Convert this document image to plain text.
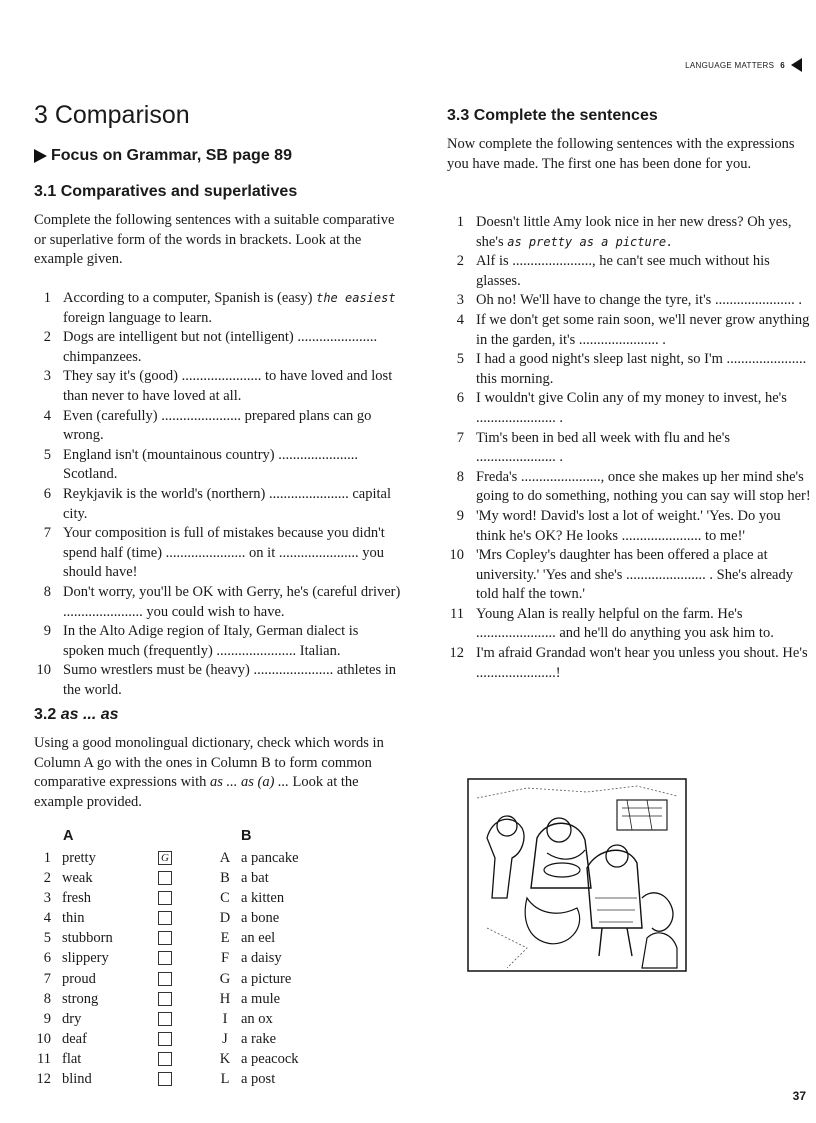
LANGUAGE MATTERS 6
3 Comparison
Focus on Grammar, SB page 89
3.1 Comparatives and superlatives

Complete the following sentences with a suitable comparative or superlative form of the words in brackets. Look at the example given.

1 According to a computer, Spanish is (easy) the easiest foreign language to learn.
2 Dogs are intelligent but not (intelligent) ...................... chimpanzees.
3 They say it's (good) ...................... to have loved and lost than never to have loved at all.
4 Even (carefully) ...................... prepared plans can go wrong.
5 England isn't (mountainous country) ...................... Scotland.
6 Reykjavik is the world's (northern) ...................... capital city.
7 Your composition is full of mistakes because you didn't spend half (time) ...................... on it ...................... you should have!
8 Don't worry, you'll be OK with Gerry, he's (careful driver) ...................... you could wish to have.
9 In the Alto Adige region of Italy, German dialect is spoken much (frequently) ...................... Italian.
10 Sumo wrestlers must be (heavy) ...................... athletes in the world.
3.2 as ... as

Using a good monolingual dictionary, check which words in Column A go with the ones in Column B to form common comparative expressions with as ... as (a) ... Look at the example provided.

A	B
1 pretty	G	A a pancake
2 weak	B a bat
3 fresh	C a kitten
4 thin	D a bone
5 stubborn	E an eel
6 slippery	F a daisy
7 proud	G a picture
8 strong	H a mule
9 dry	I an ox
10 deaf	J a rake
11 flat	K a peacock
12 blind	L a post
3.3 Complete the sentences

Now complete the following sentences with the expressions you have made. The first one has been done for you.

1 Doesn't little Amy look nice in her new dress? Oh yes, she's as pretty as a picture.
2 Alf is ......................, he can't see much without his glasses.
3 Oh no! We'll have to change the tyre, it's ...................... .
4 If we don't get some rain soon, we'll never grow anything in the garden, it's ...................... .
5 I had a good night's sleep last night, so I'm ...................... this morning.
6 I wouldn't give Colin any of my money to invest, he's ...................... .
7 Tim's been in bed all week with flu and he's ...................... .
8 Freda's ......................, once she makes up her mind she's going to do something, nothing you can say will stop her!
9 'My word! David's lost a lot of weight.' 'Yes. Do you think he's OK? He looks ...................... to me!'
10 'Mrs Copley's daughter has been offered a place at university.' 'Yes and she's ...................... . She's already told half the town.'
11 Young Alan is really helpful on the farm. He's ...................... and he'll do anything you ask him to.
12 I'm afraid Grandad won't hear you unless you shout. He's ......................!
37
